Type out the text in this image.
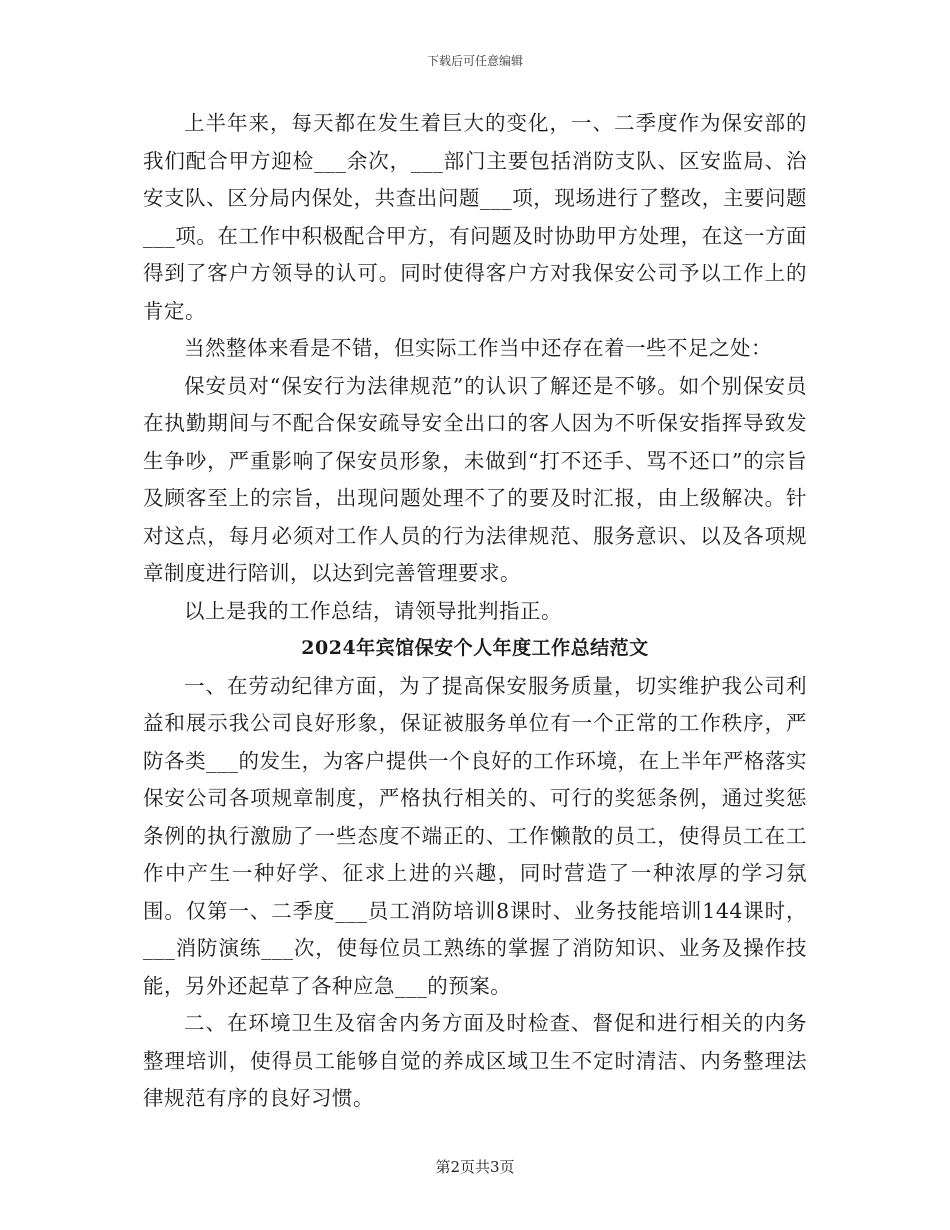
下载后可任意编辑

上半年来，每天都在发生着巨大的变化，一、二季度作为保安部的我们配合甲方迎检___余次，___部门主要包括消防支队、区安监局、治安支队、区分局内保处，共查出问题___项，现场进行了整改，主要问题___项。在工作中积极配合甲方，有问题及时协助甲方处理，在这一方面得到了客户方领导的认可。同时使得客户方对我保安公司予以工作上的肯定。

当然整体来看是不错，但实际工作当中还存在着一些不足之处：

保安员对“保安行为法律规范”的认识了解还是不够。如个别保安员在执勤期间与不配合保安疏导安全出口的客人因为不听保安指挥导致发生争吵，严重影响了保安员形象，未做到“打不还手、骂不还口”的宗旨及顾客至上的宗旨，出现问题处理不了的要及时汇报，由上级解决。针对这点，每月必须对工作人员的行为法律规范、服务意识、以及各项规章制度进行陪训，以达到完善管理要求。

以上是我的工作总结，请领导批判指正。

2024年宾馆保安个人年度工作总结范文

一、在劳动纪律方面，为了提高保安服务质量，切实维护我公司利益和展示我公司良好形象，保证被服务单位有一个正常的工作秩序，严防各类___的发生，为客户提供一个良好的工作环境，在上半年严格落实保安公司各项规章制度，严格执行相关的、可行的奖惩条例，通过奖惩条例的执行激励了一些态度不端正的、工作懒散的员工，使得员工在工作中产生一种好学、征求上进的兴趣，同时营造了一种浓厚的学习氛围。仅第一、二季度___员工消防培训8课时、业务技能培训144课时，___消防演练___次，使每位员工熟练的掌握了消防知识、业务及操作技能，另外还起草了各种应急___的预案。

二、在环境卫生及宿舍内务方面及时检查、督促和进行相关的内务整理培训，使得员工能够自觉的养成区域卫生不定时清洁、内务整理法律规范有序的良好习惯。

第2页共3页
